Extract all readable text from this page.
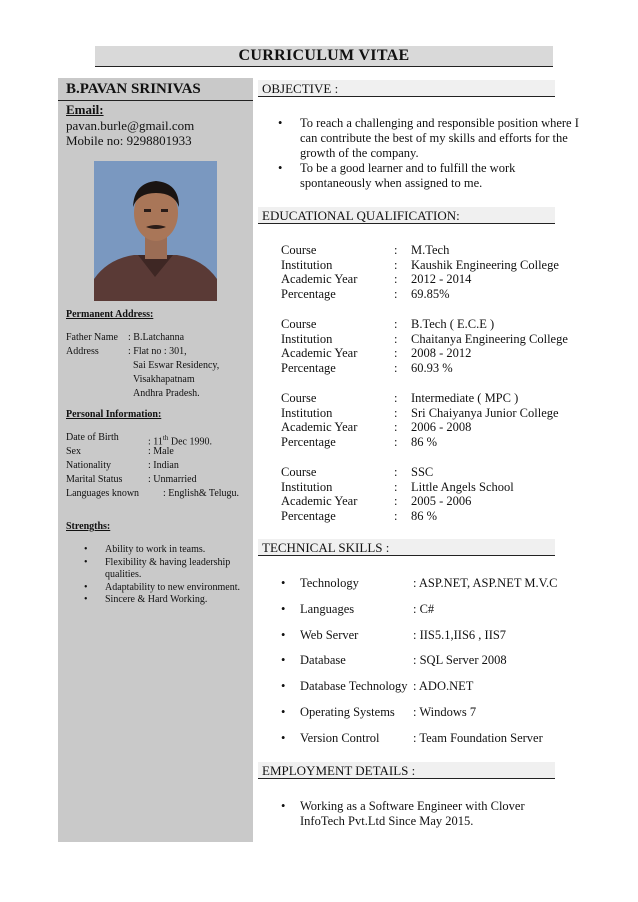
CURRICULUM VITAE
B.PAVAN SRINIVAS
Email:
pavan.burle@gmail.com
Mobile no: 9298801933
Permanent Address:
Father Name : B.Latchanna
Address	: Flat no : 301,
Sai Eswar Residency,
Visakhapatnam
Andhra Pradesh.
Personal Information:
Date of Birth	: 11th Dec 1990.
Sex	: Male
Nationality	: Indian
Marital Status	: Unmarried
Languages known : English& Telugu.
Strengths:
• Ability to work in teams.
• Flexibility & having leadership qualities.
• Adaptability to new environment.
• Sincere & Hard Working.
OBJECTIVE :
• To reach a challenging and responsible position where I can contribute the best of my skills and efforts for the growth of the company.
• To be a good learner and to fulfill the work spontaneously when assigned to me.
EDUCATIONAL QUALIFICATION:
Course	: M.Tech
Institution	: Kaushik Engineering College
Academic Year	: 2012 - 2014
Percentage	: 69.85%
Course	: B.Tech ( E.C.E )
Institution	: Chaitanya Engineering College
Academic Year	: 2008 - 2012
Percentage	: 60.93 %
Course	: Intermediate ( MPC )
Institution	: Sri Chaiyanya Junior College
Academic Year	: 2006 - 2008
Percentage	: 86 %
Course	: SSC
Institution	: Little Angels School
Academic Year	: 2005 - 2006
Percentage	: 86 %
TECHNICAL SKILLS :
• Technology	: ASP.NET, ASP.NET M.V.C
• Languages	: C#
• Web Server	: IIS5.1,IIS6 , IIS7
• Database	: SQL Server 2008
• Database Technology : ADO.NET
• Operating Systems : Windows 7
• Version Control	: Team Foundation Server
EMPLOYMENT DETAILS :
• Working as a Software Engineer with Clover InfoTech Pvt.Ltd Since May 2015.
